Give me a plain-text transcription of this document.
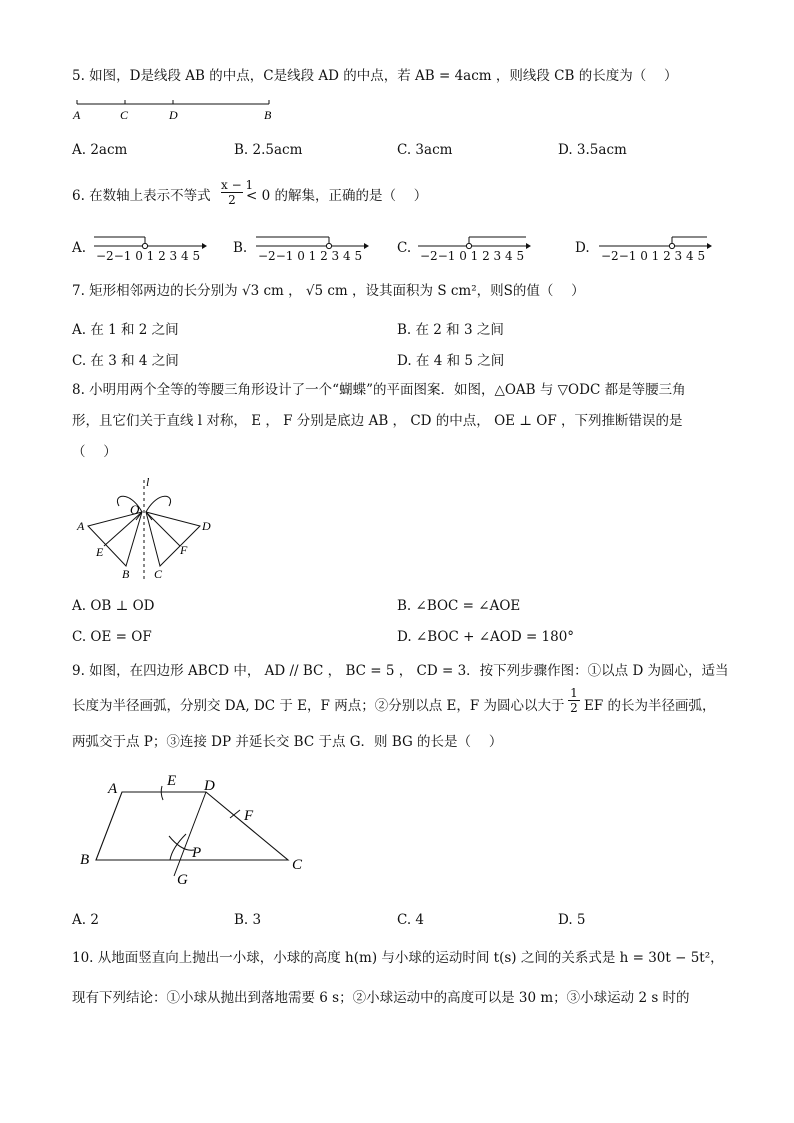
5. 如图，D是线段 AB 的中点，C是线段 AD 的中点，若 AB = 4acm ，则线段 CB 的长度为（　 ）
A	C	D	B
A. 2acm	B. 2.5acm	C. 3acm	D. 3.5acm
6. 在数轴上表示不等式 $\frac{x - 1}{2} < 0$ 的解集，正确的是（　 ）
A. −2−1 0 1 2 3 4 5 B. −2−1 0 1 2 3 4 5	C. −2−1 0 1 2 3 4 5	D. −2−1 0 1 2 3 4 5
7. 矩形相邻两边的长分别为 √3 cm ， √5 cm ，设其面积为 S cm²，则S的值（　 ）
A. 在 1 和 2 之间	B. 在 2 和 3 之间
C. 在 3 和 4 之间	D. 在 4 和 5 之间
8. 小明用两个全等的等腰三角形设计了一个“蝴蝶”的平面图案．如图，△OAB 与 ▽ODC 都是等腰三角
形，且它们关于直线 l 对称， E ， F 分别是底边 AB ， CD 的中点， OE ⊥ OF ，下列推断错误的是
（　 ）
l
O
A	D
E	F
B C
A. OB ⊥ OD	B. ∠BOC = ∠AOE
C. OE = OF	D. ∠BOC + ∠AOD = 180°
9. 如图，在四边形 ABCD 中， AD // BC ， BC = 5 ， CD = 3．按下列步骤作图：①以点 D 为圆心，适当
长度为半径画弧，分别交 DA, DC 于 E，F 两点；②分别以点 E，F 为圆心以大于 $\frac{1}{2}$ EF 的长为半径画弧，
两弧交于点 P；③连接 DP 并延长交 BC 于点 G．则 BG 的长是（　 ）
A	E D
F
B	P
C
G
A. 2	B. 3	C. 4	D. 5
10. 从地面竖直向上抛出一小球，小球的高度 h(m) 与小球的运动时间 t(s) 之间的关系式是 h = 30t − 5t²，
现有下列结论：①小球从抛出到落地需要 6 s；②小球运动中的高度可以是 30 m；③小球运动 2 s 时的
